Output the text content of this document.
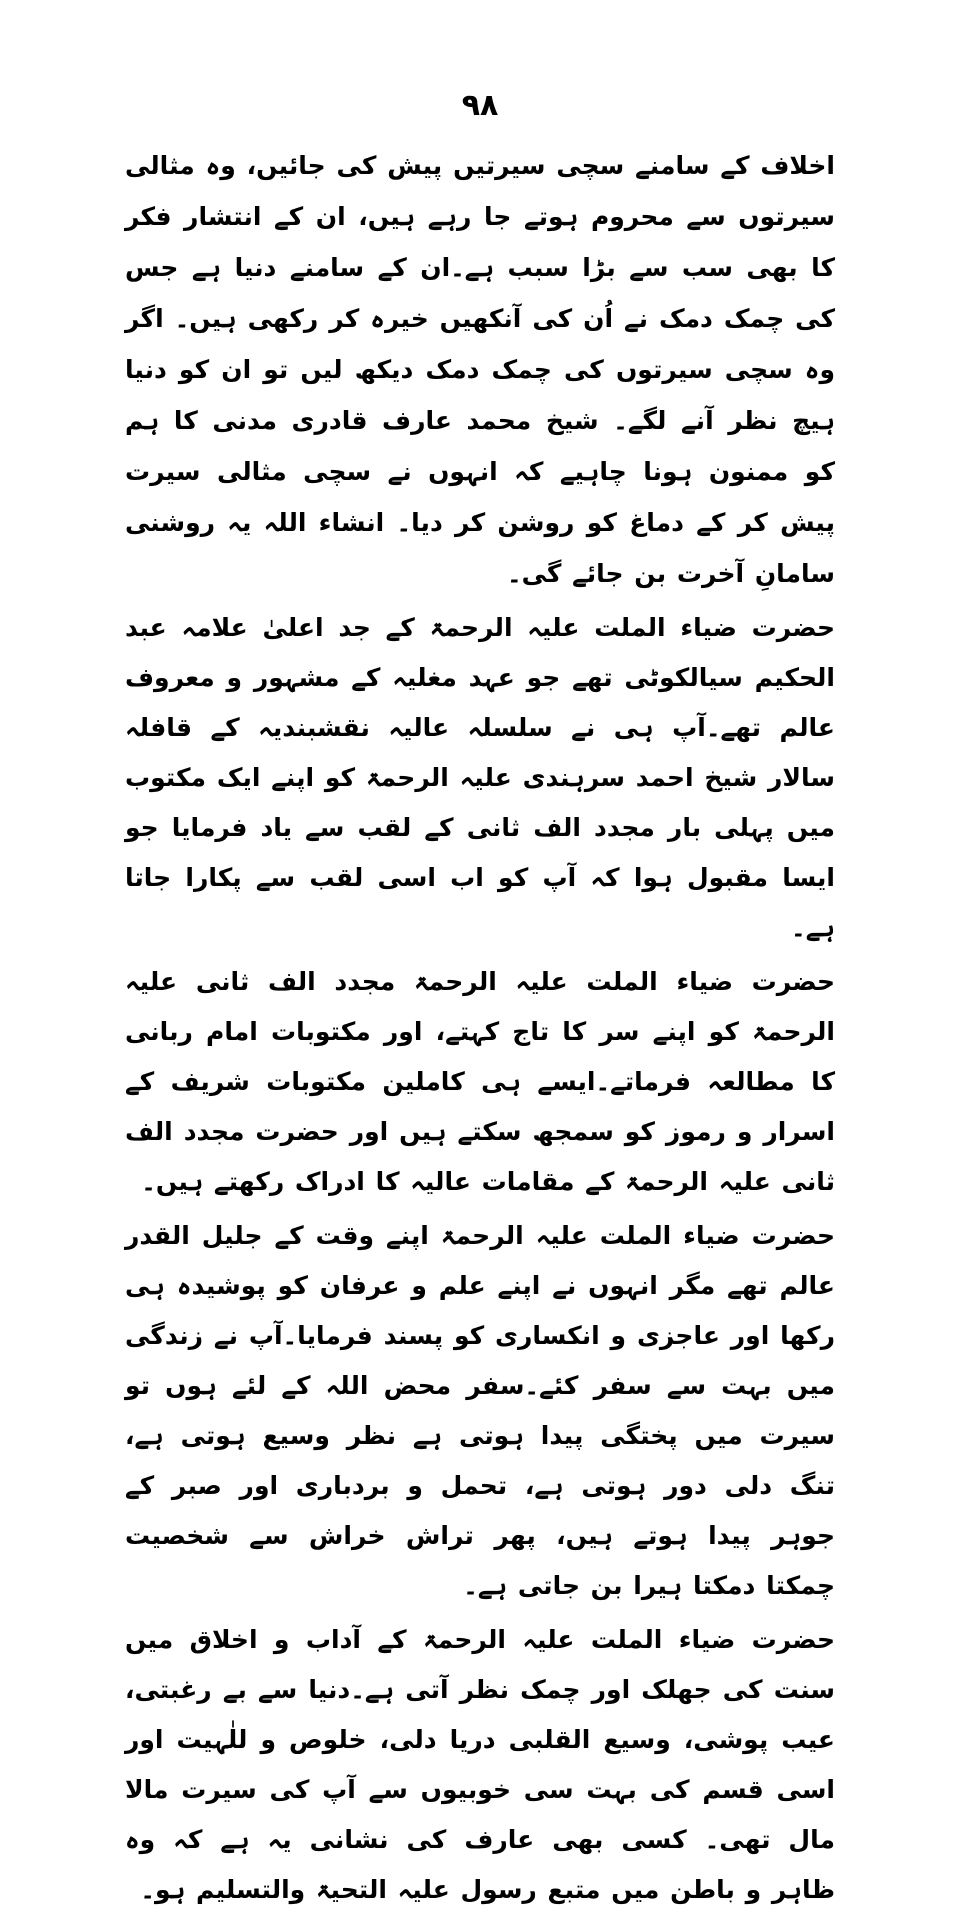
۹۸

اخلاف کے سامنے سچی سیرتیں پیش کی جائیں، وہ مثالی سیرتوں سے محروم ہوتے جا رہے ہیں، ان کے انتشار فکر کا بھی سب سے بڑا سبب ہے۔ان کے سامنے دنیا ہے جس کی چمک دمک نے اُن کی آنکھیں خیرہ کر رکھی ہیں۔ اگر وہ سچی سیرتوں کی چمک دمک دیکھ لیں تو ان کو دنیا ہیچ نظر آنے لگے۔ شیخ محمد عارف قادری مدنی کا ہم کو ممنون ہونا چاہیے کہ انہوں نے سچی مثالی سیرت پیش کر کے دماغ کو روشن کر دیا۔ انشاء اللہ یہ روشنی سامانِ آخرت بن جائے گی۔

حضرت ضیاء الملت علیہ الرحمۃ کے جد اعلیٰ علامہ عبد الحکیم سیالکوٹی تھے جو عہد مغلیہ کے مشہور و معروف عالم تھے۔آپ ہی نے سلسلہ عالیہ نقشبندیہ کے قافلہ سالار شیخ احمد سرہندی علیہ الرحمۃ کو اپنے ایک مکتوب میں پہلی بار مجدد الف ثانی کے لقب سے یاد فرمایا جو ایسا مقبول ہوا کہ آپ کو اب اسی لقب سے پکارا جاتا ہے۔

حضرت ضیاء الملت علیہ الرحمۃ مجدد الف ثانی علیہ الرحمۃ کو اپنے سر کا تاج کہتے، اور مکتوبات امام ربانی کا مطالعہ فرماتے۔ایسے ہی کاملین مکتوبات شریف کے اسرار و رموز کو سمجھ سکتے ہیں اور حضرت مجدد الف ثانی علیہ الرحمۃ کے مقامات عالیہ کا ادراک رکھتے ہیں۔

حضرت ضیاء الملت علیہ الرحمۃ اپنے وقت کے جلیل القدر عالم تھے مگر انہوں نے اپنے علم و عرفان کو پوشیدہ ہی رکھا اور عاجزی و انکساری کو پسند فرمایا۔آپ نے زندگی میں بہت سے سفر کئے۔سفر محض اللہ کے لئے ہوں تو سیرت میں پختگی پیدا ہوتی ہے نظر وسیع ہوتی ہے، تنگ دلی دور ہوتی ہے، تحمل و بردباری اور صبر کے جوہر پیدا ہوتے ہیں، پھر تراش خراش سے شخصیت چمکتا دمکتا ہیرا بن جاتی ہے۔

حضرت ضیاء الملت علیہ الرحمۃ کے آداب و اخلاق میں سنت کی جھلک اور چمک نظر آتی ہے۔دنیا سے بے رغبتی، عیب پوشی، وسیع القلبی دریا دلی، خلوص و للٰہیت اور اسی قسم کی بہت سی خوبیوں سے آپ کی سیرت مالا مال تھی۔ کسی بھی عارف کی نشانی یہ ہے کہ وہ ظاہر و باطن میں متبع رسول علیہ التحیۃ والتسلیم ہو۔
